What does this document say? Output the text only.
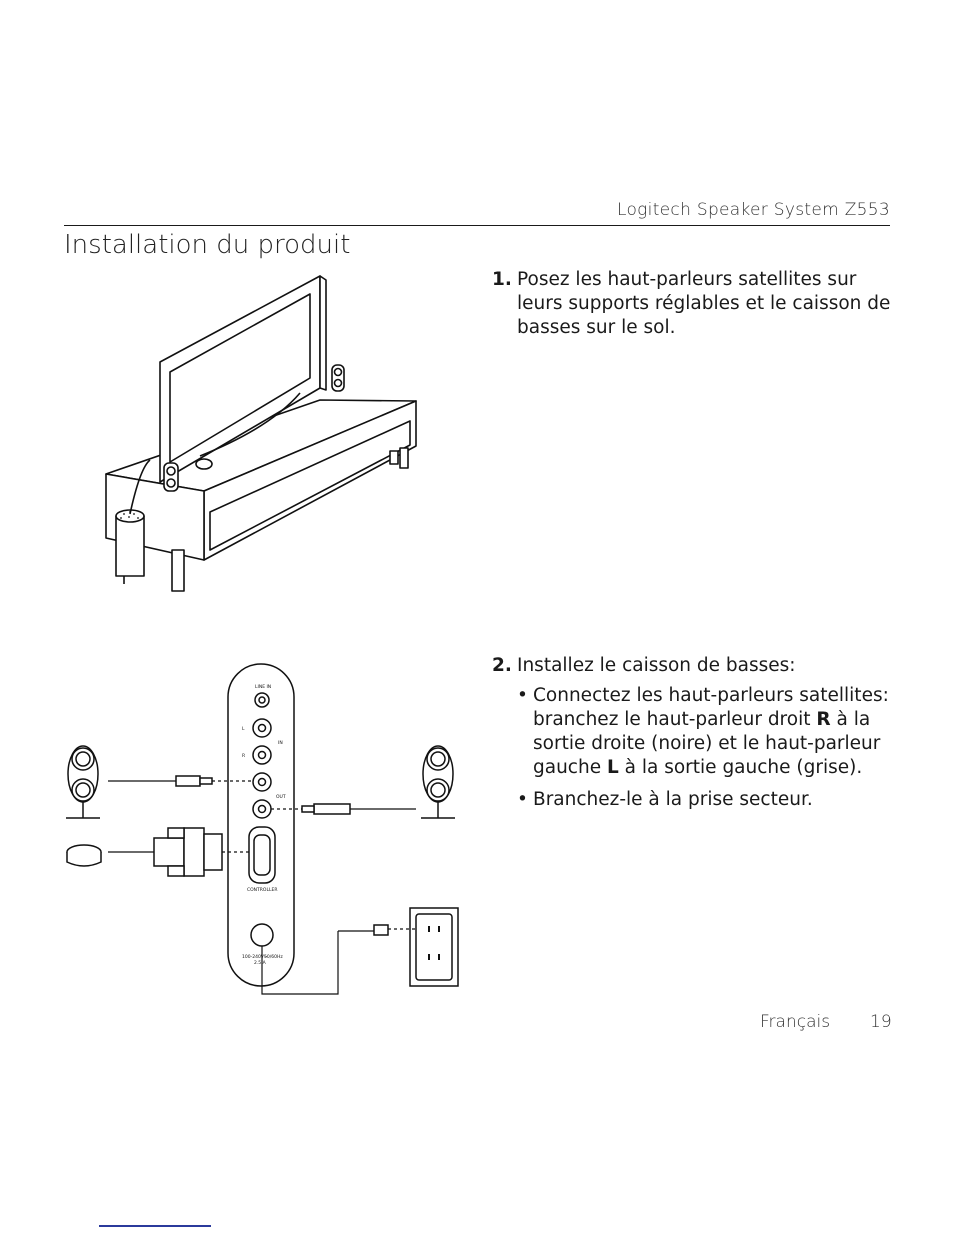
Logitech Speaker System Z553
Installation du produit
1. Posez les haut-parleurs satellites sur leurs supports réglables et le caisson de basses sur le sol.
LINE IN
L
R
IN
OUT
CONTROLLER
100-240V~
50/60Hz
2.5 A
2. Installez le caisson de basses:
• Connectez les haut-parleurs satellites: branchez le haut-parleur droit R à la sortie droite (noire) et le haut-parleur gauche L à la sortie gauche (grise).
• Branchez-le à la prise secteur.
Français 19
